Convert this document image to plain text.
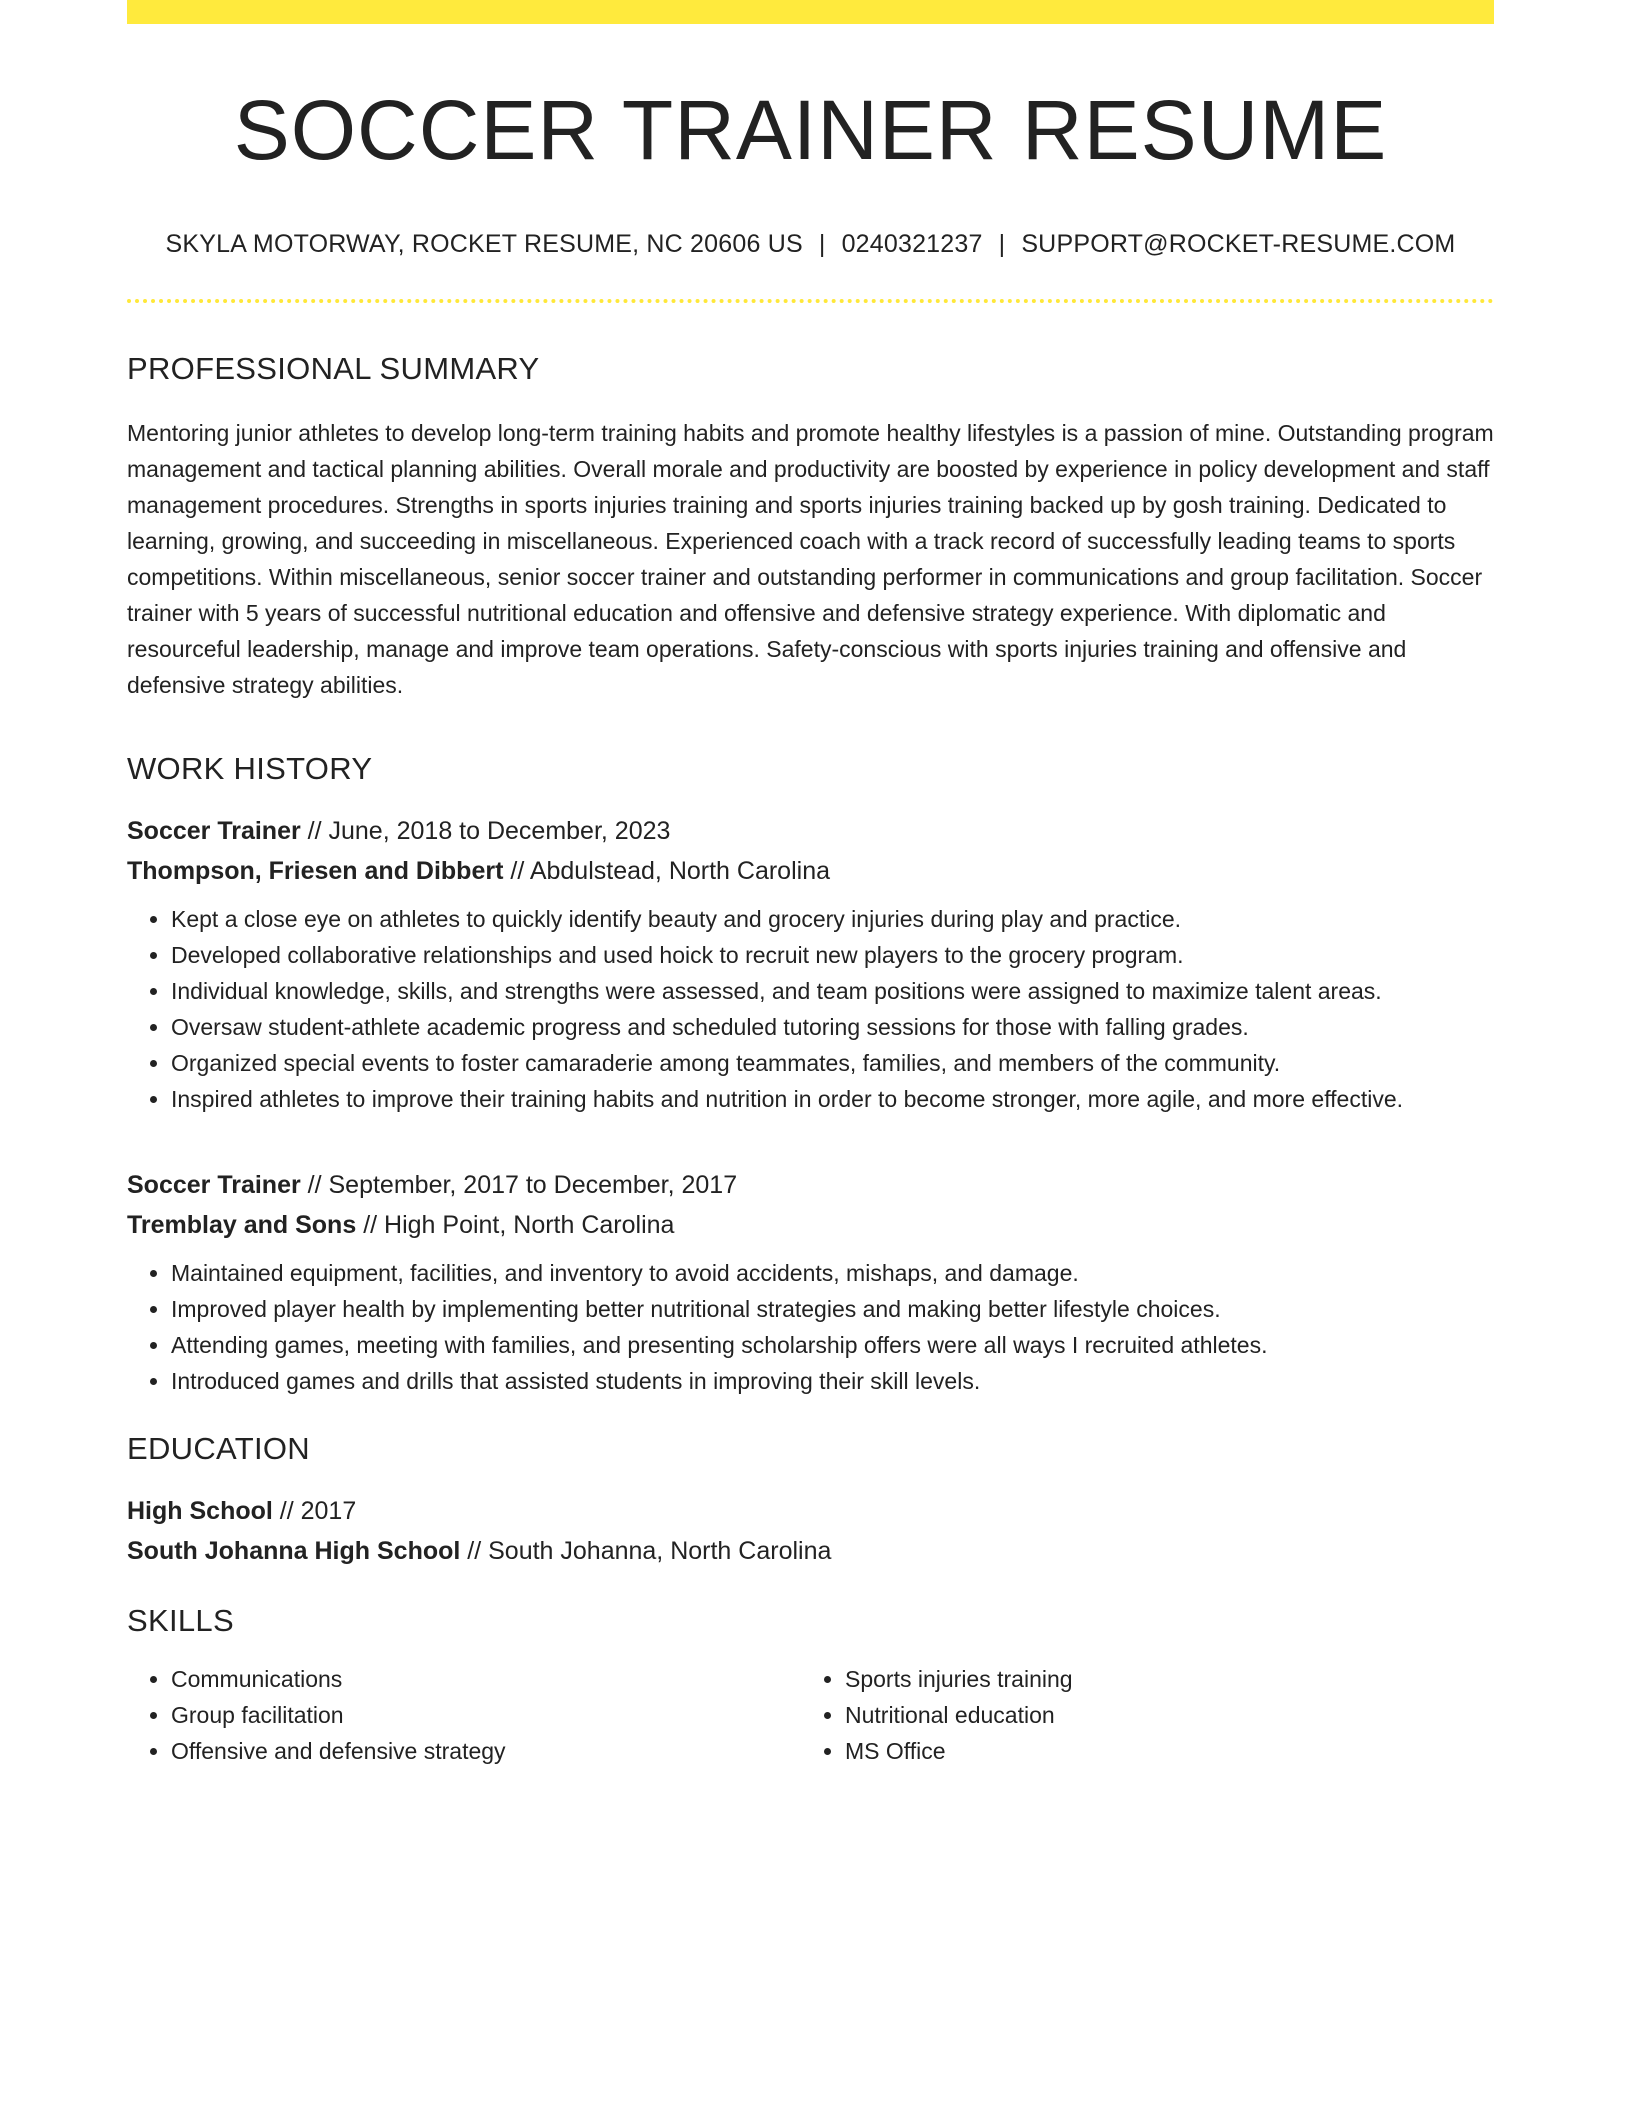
SOCCER TRAINER RESUME
SKYLA MOTORWAY, ROCKET RESUME, NC 20606 US | 0240321237 | SUPPORT@ROCKET-RESUME.COM
PROFESSIONAL SUMMARY

Mentoring junior athletes to develop long-term training habits and promote healthy lifestyles is a passion of mine. Outstanding program management and tactical planning abilities. Overall morale and productivity are boosted by experience in policy development and staff management procedures. Strengths in sports injuries training and sports injuries training backed up by gosh training. Dedicated to learning, growing, and succeeding in miscellaneous. Experienced coach with a track record of successfully leading teams to sports competitions. Within miscellaneous, senior soccer trainer and outstanding performer in communications and group facilitation. Soccer trainer with 5 years of successful nutritional education and offensive and defensive strategy experience. With diplomatic and resourceful leadership, manage and improve team operations. Safety-conscious with sports injuries training and offensive and defensive strategy abilities.

WORK HISTORY
Soccer Trainer // June, 2018 to December, 2023
Thompson, Friesen and Dibbert // Abdulstead, North Carolina
• Kept a close eye on athletes to quickly identify beauty and grocery injuries during play and practice.
• Developed collaborative relationships and used hoick to recruit new players to the grocery program.
• Individual knowledge, skills, and strengths were assessed, and team positions were assigned to maximize talent areas.
• Oversaw student-athlete academic progress and scheduled tutoring sessions for those with falling grades.
• Organized special events to foster camaraderie among teammates, families, and members of the community.
• Inspired athletes to improve their training habits and nutrition in order to become stronger, more agile, and more effective.
Soccer Trainer // September, 2017 to December, 2017
Tremblay and Sons // High Point, North Carolina
• Maintained equipment, facilities, and inventory to avoid accidents, mishaps, and damage.
• Improved player health by implementing better nutritional strategies and making better lifestyle choices.
• Attending games, meeting with families, and presenting scholarship offers were all ways I recruited athletes.
• Introduced games and drills that assisted students in improving their skill levels.
EDUCATION
High School // 2017
South Johanna High School // South Johanna, North Carolina
SKILLS
• Communications
• Group facilitation
• Offensive and defensive strategy
• Sports injuries training
• Nutritional education
• MS Office
